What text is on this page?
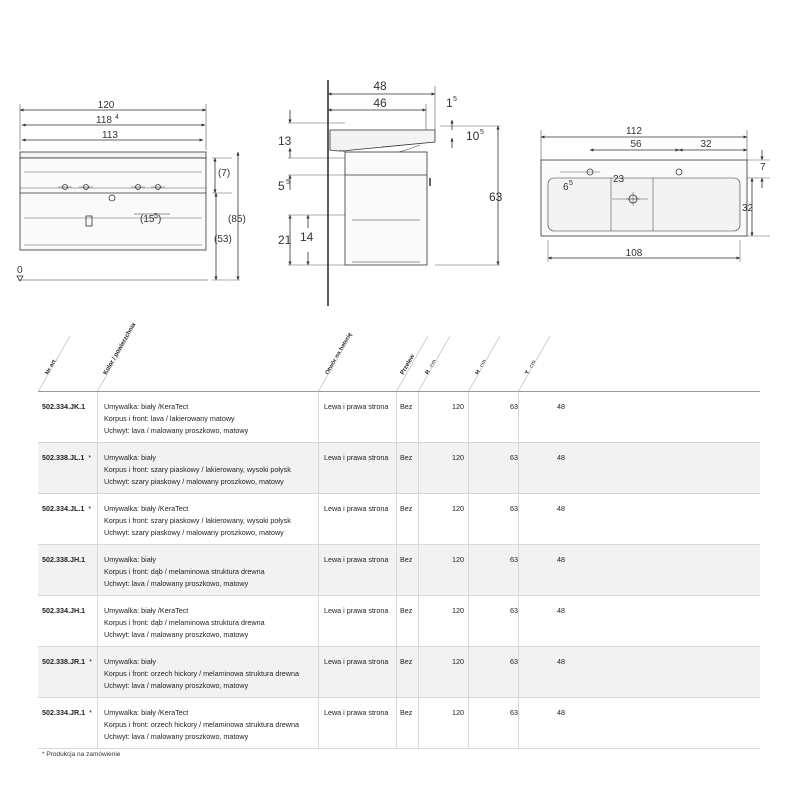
120
118 4
113
(7)
(85)
(53)
(15 5 )
0
48
46	1 5
10 5
13
5 5
63
21 14
112
56	32
7
6 5	23
32
108
Nr art.	Kolor / powierzchnia	Otwór na baterię	Przelew Bcm
Hcm
Tcm
502.334.JK.1	Umywalka: biały /KeraTect
Korpus i front: lava / lakierowany matowy
Uchwyt: lava / malowany proszkowo, matowy
Lewa i prawa strona Bez	120	63	48
502.338.JL.1 * Umywalka: biały
Korpus i front: szary piaskowy / lakierowany, wysoki połysk
Uchwyt: szary piaskowy / malowany proszkowo, matowy
Lewa i prawa strona Bez	120	63	48
502.334.JL.1 * Umywalka: biały /KeraTect
Korpus i front: szary piaskowy / lakierowany, wysoki połysk
Uchwyt: szary piaskowy / malowany proszkowo, matowy
Lewa i prawa strona Bez	120	63	48
502.338.JH.1	Umywalka: biały
Korpus i front: dąb / melaminowa struktura drewna
Uchwyt: lava / malowany proszkowo, matowy
Lewa i prawa strona Bez	120	63	48
502.334.JH.1	Umywalka: biały /KeraTect
Korpus i front: dąb / melaminowa struktura drewna
Uchwyt: lava / malowany proszkowo, matowy
Lewa i prawa strona Bez	120	63	48
502.338.JR.1 * Umywalka: biały
Korpus i front: orzech hickory / melaminowa struktura drewna
Uchwyt: lava / malowany proszkowo, matowy
Lewa i prawa strona Bez	120	63	48
502.334.JR.1 * Umywalka: biały /KeraTect
Korpus i front: orzech hickory / melaminowa struktura drewna
Uchwyt: lava / malowany proszkowo, matowy
Lewa i prawa strona Bez	120	63	48
* Produkcja na zamówienie
